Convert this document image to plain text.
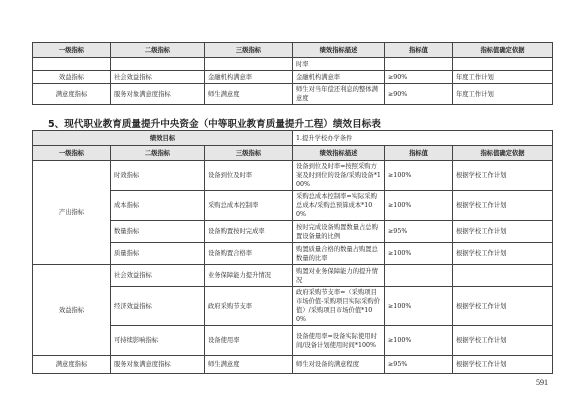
一级指标	二级指标	三级指标	绩效指标描述	指标值	指标值确定依据
			时率		
效益指标	社会效益指标	金融机构满意率	金融机构满意率	≥90%	年度工作计划
满意度指标	服务对象满意度指标	师生满意度	师生对当年偿还利息的整体满意度	≥90%	年度工作计划
5、现代职业教育质量提升中央资金（中等职业教育质量提升工程）绩效目标表
绩效目标			1.提升学校办学条件		
一级指标	二级指标	三级指标	绩效指标描述	指标值	指标值确定依据
产出指标	时效指标	设备到位及时率	设备到位及时率=按照采购方案及时到位的设备/采购设备*100%	≥100%	根据学校工作计划
	成本指标	采购总成本控制率	采购总成本控制率=实际采购总成本/采购总预算成本*100%	≥100%	根据学校工作计划
	数量指标	设备购置按时完成率	按时完成设备购置数量占总购置设备量的比例	≥95%	根据学校工作计划
	质量指标	设备购置合格率	购置质量合格的数量占购置总数量的比率	≥100%	根据学校工作计划
效益指标	社会效益指标	业务保障能力提升情况	购置对业务保障能力的提升情况		
	经济效益指标	政府采购节支率	政府采购节支率=（采购项目市场价值-采购项目实际采购价值）/采购项目市场价值*100%	≥100%	根据学校工作计划
	可持续影响指标	设备使用率	设备使用率=设备实际使用时间/设备计划使用时间*100%	≥100%	根据学校工作计划
满意度指标	服务对象满意度指标	师生满意度	师生对设备的满意程度	≥95%	根据学校工作计划
591
